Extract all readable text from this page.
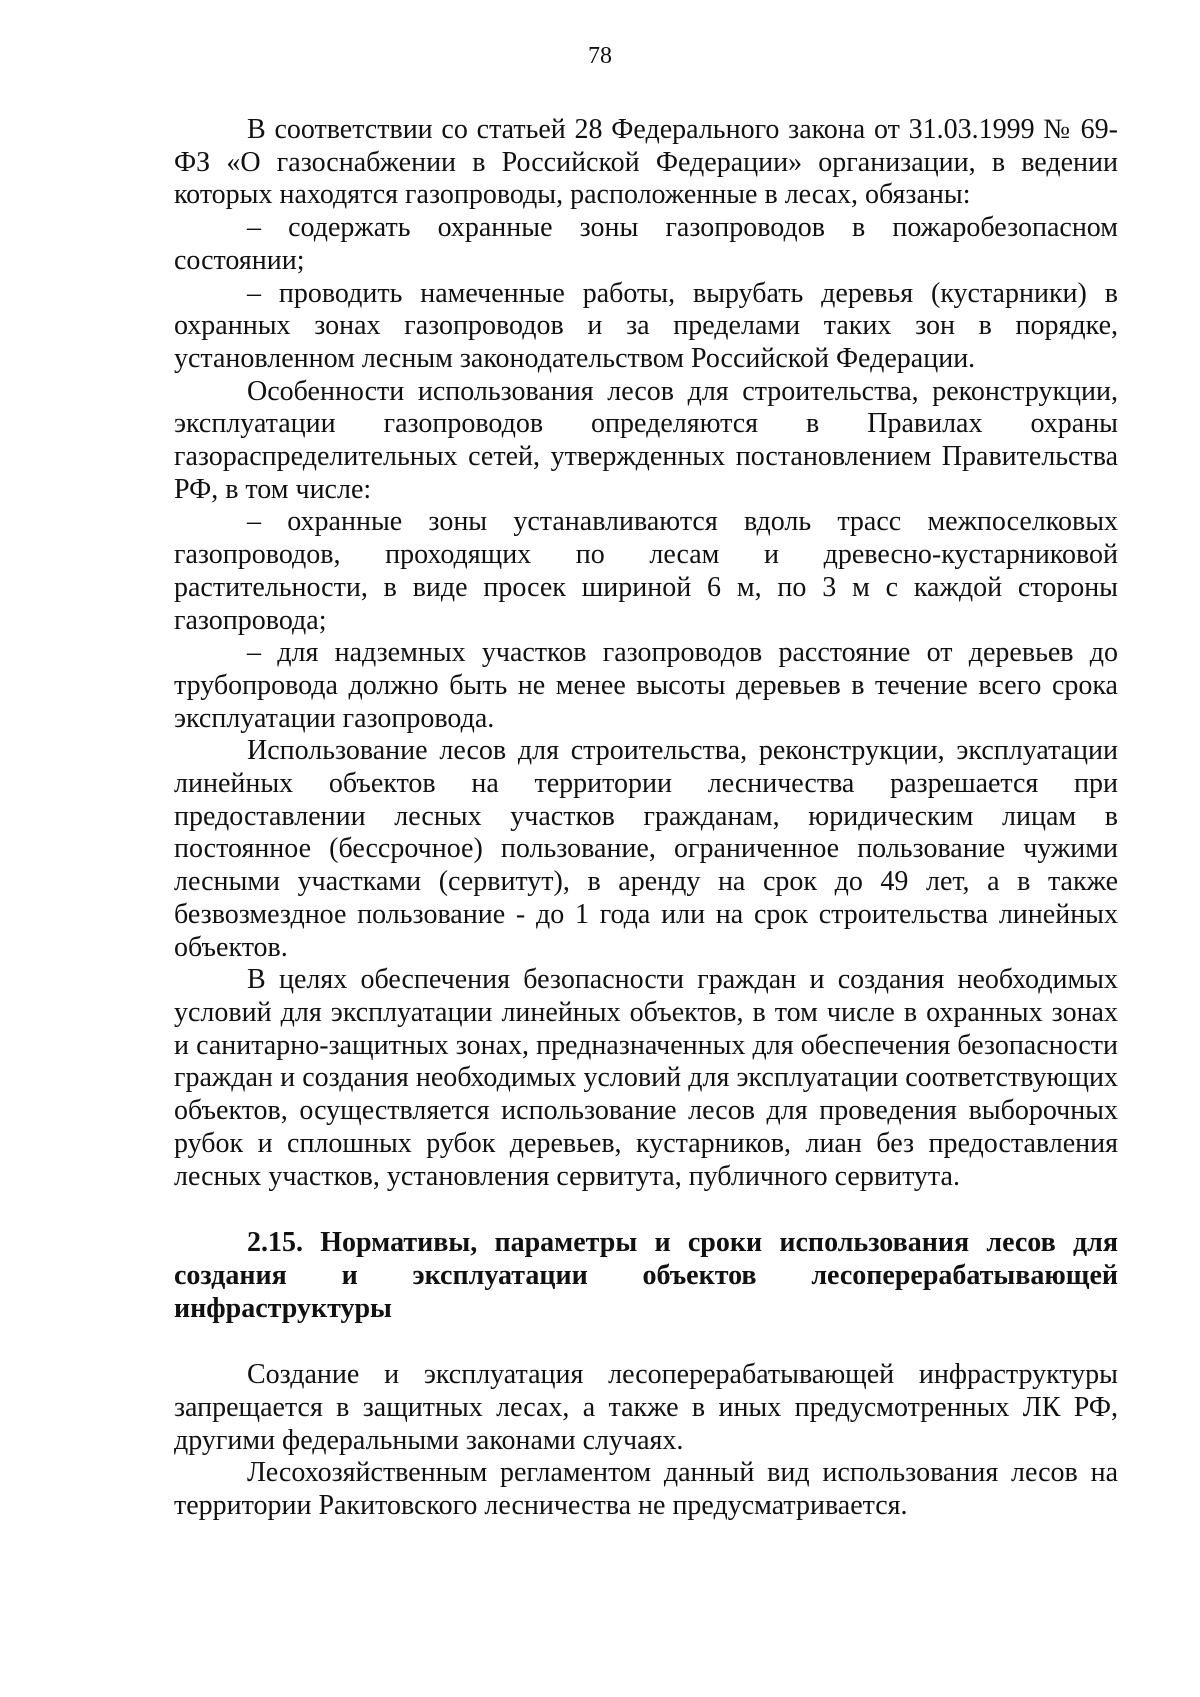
78

В соответствии со статьей 28 Федерального закона от 31.03.1999 № 69-ФЗ «О газоснабжении в Российской Федерации» организации, в ведении которых находятся газопроводы, расположенные в лесах, обязаны:

– содержать охранные зоны газопроводов в пожаробезопасном состоянии;

– проводить намеченные работы, вырубать деревья (кустарники) в охранных зонах газопроводов и за пределами таких зон в порядке, установленном лесным законодательством Российской Федерации.

Особенности использования лесов для строительства, реконструкции, эксплуатации газопроводов определяются в Правилах охраны газораспределительных сетей, утвержденных постановлением Правительства РФ, в том числе:

– охранные зоны устанавливаются вдоль трасс межпоселковых газопроводов, проходящих по лесам и древесно-кустарниковой растительности, в виде просек шириной 6 м, по 3 м с каждой стороны газопровода;

– для надземных участков газопроводов расстояние от деревьев до трубопровода должно быть не менее высоты деревьев в течение всего срока эксплуатации газопровода.

Использование лесов для строительства, реконструкции, эксплуатации линейных объектов на территории лесничества разрешается при предоставлении лесных участков гражданам, юридическим лицам в постоянное (бессрочное) пользование, ограниченное пользование чужими лесными участками (сервитут), в аренду на срок до 49 лет, а в также безвозмездное пользование - до 1 года или на срок строительства линейных объектов.

В целях обеспечения безопасности граждан и создания необходимых условий для эксплуатации линейных объектов, в том числе в охранных зонах и санитарно-защитных зонах, предназначенных для обеспечения безопасности граждан и создания необходимых условий для эксплуатации соответствующих объектов, осуществляется использование лесов для проведения выборочных рубок и сплошных рубок деревьев, кустарников, лиан без предоставления лесных участков, установления сервитута, публичного сервитута.

2.15. Нормативы, параметры и сроки использования лесов для создания и эксплуатации объектов лесоперерабатывающей инфраструктуры

Создание и эксплуатация лесоперерабатывающей инфраструктуры запрещается в защитных лесах, а также в иных предусмотренных ЛК РФ, другими федеральными законами случаях.

Лесохозяйственным регламентом данный вид использования лесов на территории Ракитовского лесничества не предусматривается.
